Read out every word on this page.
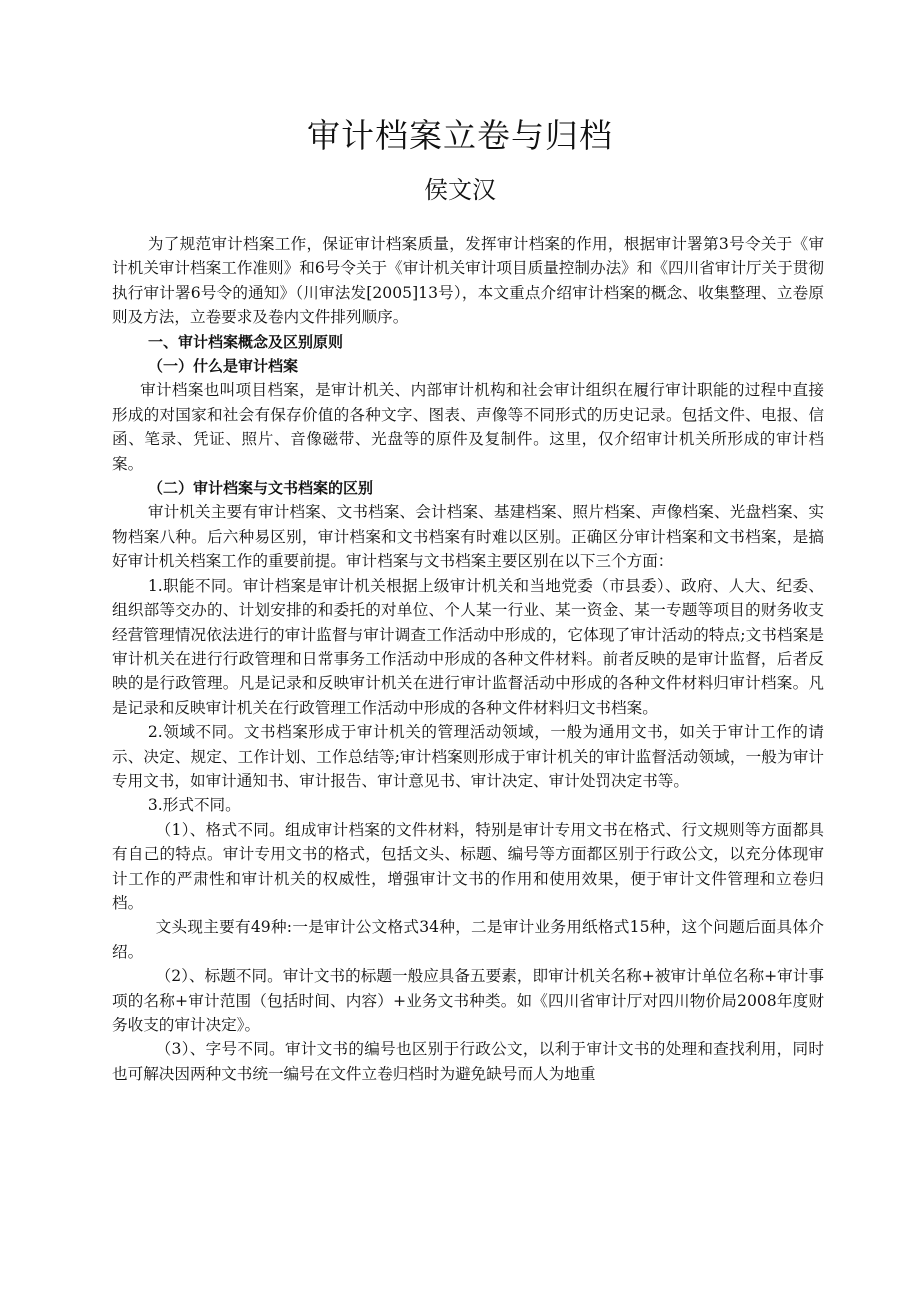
审计档案立卷与归档
侯文汉

为了规范审计档案工作，保证审计档案质量，发挥审计档案的作用，根据审计署第3号令关于《审计机关审计档案工作准则》和6号令关于《审计机关审计项目质量控制办法》和《四川省审计厅关于贯彻执行审计署6号令的通知》（川审法发[2005]13号），本文重点介绍审计档案的概念、收集整理、立卷原则及方法，立卷要求及卷内文件排列顺序。

一、审计档案概念及区别原则

（一）什么是审计档案

审计档案也叫项目档案，是审计机关、内部审计机构和社会审计组织在履行审计职能的过程中直接形成的对国家和社会有保存价值的各种文字、图表、声像等不同形式的历史记录。包括文件、电报、信函、笔录、凭证、照片、音像磁带、光盘等的原件及复制件。这里，仅介绍审计机关所形成的审计档案。

（二）审计档案与文书档案的区别

审计机关主要有审计档案、文书档案、会计档案、基建档案、照片档案、声像档案、光盘档案、实物档案八种。后六种易区别，审计档案和文书档案有时难以区别。正确区分审计档案和文书档案，是搞好审计机关档案工作的重要前提。审计档案与文书档案主要区别在以下三个方面：

1.职能不同。审计档案是审计机关根据上级审计机关和当地党委（市县委）、政府、人大、纪委、组织部等交办的、计划安排的和委托的对单位、个人某一行业、某一资金、某一专题等项目的财务收支经营管理情况依法进行的审计监督与审计调查工作活动中形成的，它体现了审计活动的特点;文书档案是审计机关在进行行政管理和日常事务工作活动中形成的各种文件材料。前者反映的是审计监督，后者反映的是行政管理。凡是记录和反映审计机关在进行审计监督活动中形成的各种文件材料归审计档案。凡是记录和反映审计机关在行政管理工作活动中形成的各种文件材料归文书档案。

2.领域不同。文书档案形成于审计机关的管理活动领域，一般为通用文书，如关于审计工作的请示、决定、规定、工作计划、工作总结等;审计档案则形成于审计机关的审计监督活动领域，一般为审计专用文书，如审计通知书、审计报告、审计意见书、审计决定、审计处罚决定书等。

3.形式不同。

（1）、格式不同。组成审计档案的文件材料，特别是审计专用文书在格式、行文规则等方面都具有自己的特点。审计专用文书的格式，包括文头、标题、编号等方面都区别于行政公文，以充分体现审计工作的严肃性和审计机关的权威性，增强审计文书的作用和使用效果，便于审计文件管理和立卷归档。

文头现主要有49种:一是审计公文格式34种，二是审计业务用纸格式15种，这个问题后面具体介绍。

（2）、标题不同。审计文书的标题一般应具备五要素，即审计机关名称+被审计单位名称+审计事项的名称+审计范围（包括时间、内容）+业务文书种类。如《四川省审计厅对四川物价局2008年度财务收支的审计决定》。

（3）、字号不同。审计文书的编号也区别于行政公文，以利于审计文书的处理和查找利用，同时也可解决因两种文书统一编号在文件立卷归档时为避免缺号而人为地重
